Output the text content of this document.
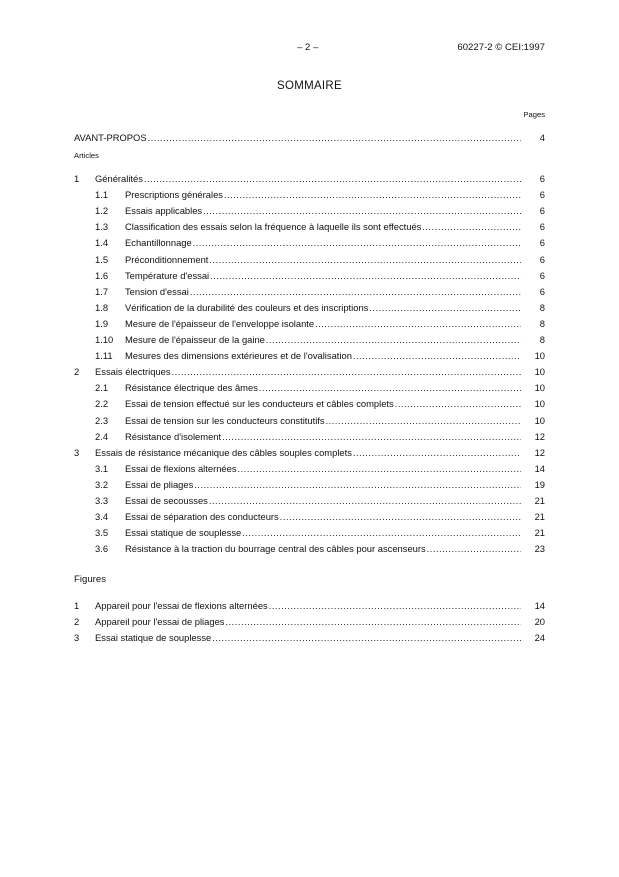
– 2 –	60227-2 © CEI:1997
SOMMAIRE
Pages
AVANT-PROPOS .....	4
Articles
1 Généralités .....	6
1.1 Prescriptions générales .....	6
1.2 Essais applicables .....	6
1.3 Classification des essais selon la fréquence à laquelle ils sont effectués .....	6
1.4 Echantillonnage .....	6
1.5 Préconditionnement .....	6
1.6 Température d'essai .....	6
1.7 Tension d'essai .....	6
1.8 Vérification de la durabilité des couleurs et des inscriptions .....	8
1.9 Mesure de l'épaisseur de l'enveloppe isolante .....	8
1.10 Mesure de l'épaisseur de la gaine .....	8
1.11 Mesures des dimensions extérieures et de l'ovalisation .....	10
2 Essais électriques .....	10
2.1 Résistance électrique des âmes .....	10
2.2 Essai de tension effectué sur les conducteurs et câbles complets .....	10
2.3 Essai de tension sur les conducteurs constitutifs .....	10
2.4 Résistance d'isolement .....	12
3 Essais de résistance mécanique des câbles souples complets .....	12
3.1 Essai de flexions alternées .....	14
3.2 Essai de pliages .....	19
3.3 Essai de secousses .....	21
3.4 Essai de séparation des conducteurs .....	21
3.5 Essai statique de souplesse .....	21
3.6 Résistance à la traction du bourrage central des câbles pour ascenseurs .....	23
Figures
1 Appareil pour l'essai de flexions alternées .....	14
2 Appareil pour l'essai de pliages .....	20
3 Essai statique de souplesse .....	24
